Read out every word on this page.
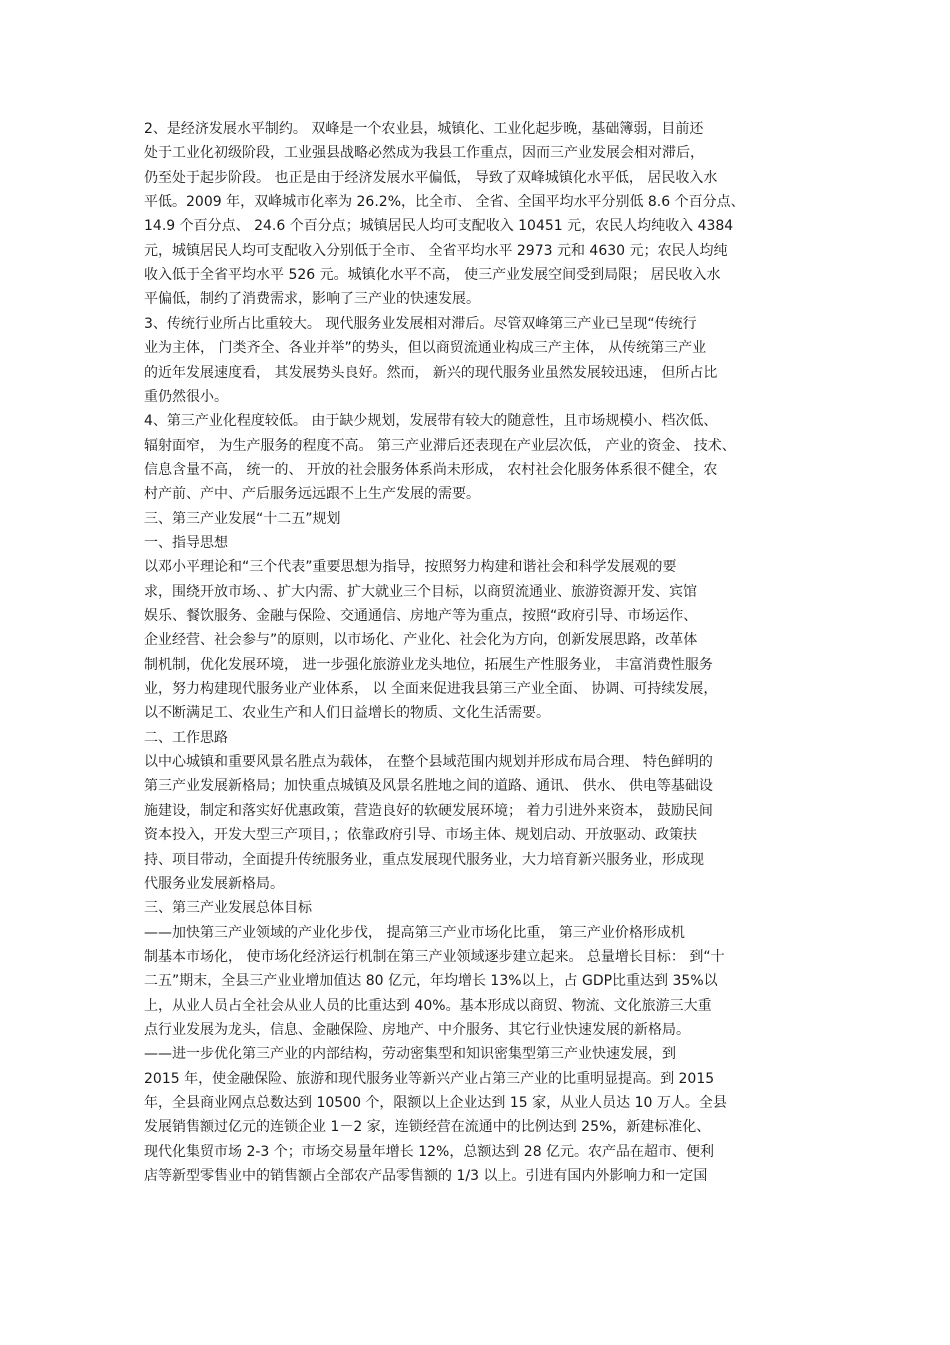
2、是经济发展水平制约。 双峰是一个农业县，城镇化、工业化起步晚，基础簿弱，目前还
处于工业化初级阶段，工业强县战略必然成为我县工作重点，因而三产业发展会相对滞后，
仍至处于起步阶段。 也正是由于经济发展水平偏低， 导致了双峰城镇化水平低， 居民收入水
平低。2009 年，双峰城市化率为 26.2%，比全市、 全省、全国平均水平分别低 8.6 个百分点、
14.9 个百分点、 24.6 个百分点；城镇居民人均可支配收入 10451 元，农民人均纯收入 4384
元，城镇居民人均可支配收入分别低于全市、 全省平均水平 2973 元和 4630 元；农民人均纯
收入低于全省平均水平 526 元。城镇化水平不高， 使三产业发展空间受到局限； 居民收入水
平偏低，制约了消费需求，影响了三产业的快速发展。
3、传统行业所占比重较大。 现代服务业发展相对滞后。尽管双峰第三产业已呈现“传统行
业为主体， 门类齐全、各业并举”的势头，但以商贸流通业构成三产主体， 从传统第三产业
的近年发展速度看， 其发展势头良好。然而， 新兴的现代服务业虽然发展较迅速， 但所占比
重仍然很小。
4、第三产业化程度较低。 由于缺少规划，发展带有较大的随意性，且市场规模小、档次低、
辐射面窄， 为生产服务的程度不高。 第三产业滞后还表现在产业层次低， 产业的资金、 技术、
信息含量不高， 统一的、 开放的社会服务体系尚未形成， 农村社会化服务体系很不健全，农
村产前、产中、产后服务远远跟不上生产发展的需要。
三、第三产业发展“十二五”规划
一、指导思想
以邓小平理论和“三个代表”重要思想为指导，按照努力构建和谐社会和科学发展观的要
求，围绕开放市场、、扩大内需、扩大就业三个目标，以商贸流通业、旅游资源开发、宾馆
娱乐、餐饮服务、金融与保险、交通通信、房地产等为重点，按照“政府引导、市场运作、
企业经营、社会参与”的原则，以市场化、产业化、社会化为方向，创新发展思路，改革体
制机制，优化发展环境， 进一步强化旅游业龙头地位，拓展生产性服务业， 丰富消费性服务
业，努力构建现代服务业产业体系， 以 全面来促进我县第三产业全面、 协调、可持续发展，
以不断满足工、农业生产和人们日益增长的物质、文化生活需要。
二、工作思路
以中心城镇和重要风景名胜点为载体， 在整个县域范围内规划并形成布局合理、 特色鲜明的
第三产业发展新格局；加快重点城镇及风景名胜地之间的道路、通讯、 供水、 供电等基础设
施建设，制定和落实好优惠政策，营造良好的软硬发展环境； 着力引进外来资本， 鼓励民间
资本投入，开发大型三产项目，；依靠政府引导、市场主体、规划启动、开放驱动、政策扶
持、项目带动，全面提升传统服务业，重点发展现代服务业，大力培育新兴服务业，形成现
代服务业发展新格局。
三、第三产业发展总体目标
——加快第三产业领域的产业化步伐， 提高第三产业市场化比重， 第三产业价格形成机
制基本市场化， 使市场化经济运行机制在第三产业领域逐步建立起来。 总量增长目标： 到“十
二五”期末，全县三产业业增加值达 80 亿元，年均增长 13%以上，占 GDP比重达到 35%以
上，从业人员占全社会从业人员的比重达到 40%。基本形成以商贸、物流、文化旅游三大重
点行业发展为龙头，信息、金融保险、房地产、中介服务、其它行业快速发展的新格局。
——进一步优化第三产业的内部结构，劳动密集型和知识密集型第三产业快速发展，到
2015 年，使金融保险、旅游和现代服务业等新兴产业占第三产业的比重明显提高。到 2015
年，全县商业网点总数达到 10500 个，限额以上企业达到 15 家，从业人员达 10 万人。全县
发展销售额过亿元的连锁企业 1－2 家，连锁经营在流通中的比例达到 25%，新建标准化、
现代化集贸市场 2-3 个；市场交易量年增长 12%，总额达到 28 亿元。农产品在超市、便利
店等新型零售业中的销售额占全部农产品零售额的 1/3 以上。引进有国内外影响力和一定国
